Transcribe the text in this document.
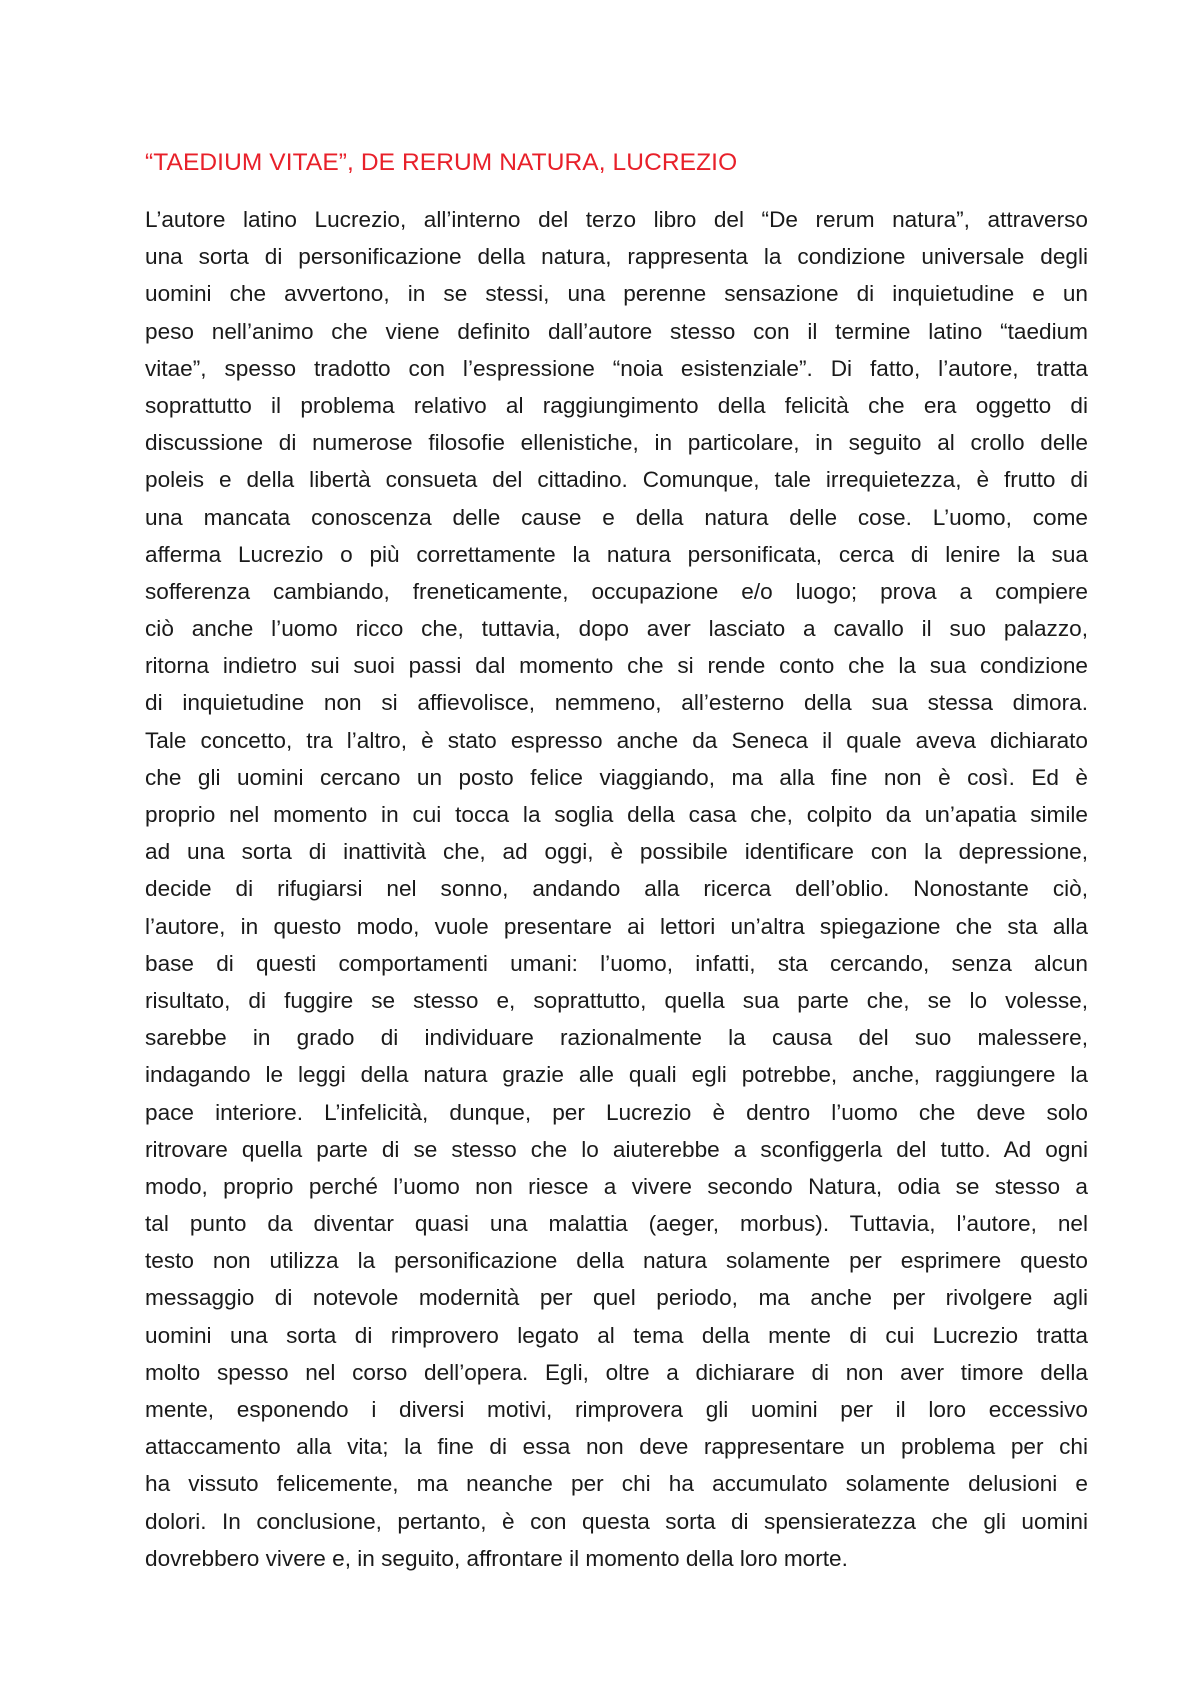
“TAEDIUM VITAE”, DE RERUM NATURA, LUCREZIO
L’autore latino Lucrezio, all’interno del terzo libro del “De rerum natura”, attraverso
una sorta di personificazione della natura, rappresenta la condizione universale degli
uomini che avvertono, in se stessi, una perenne sensazione di inquietudine e un
peso nell’animo che viene definito dall’autore stesso con il termine latino “taedium
vitae”, spesso tradotto con l’espressione “noia esistenziale”. Di fatto, l’autore, tratta
soprattutto il problema relativo al raggiungimento della felicità che era oggetto di
discussione di numerose filosofie ellenistiche, in particolare, in seguito al crollo delle
poleis e della libertà consueta del cittadino. Comunque, tale irrequietezza, è frutto di
una mancata conoscenza delle cause e della natura delle cose. L’uomo, come
afferma Lucrezio o più correttamente la natura personificata, cerca di lenire la sua
sofferenza cambiando, freneticamente, occupazione e/o luogo; prova a compiere
ciò anche l’uomo ricco che, tuttavia, dopo aver lasciato a cavallo il suo palazzo,
ritorna indietro sui suoi passi dal momento che si rende conto che la sua condizione
di inquietudine non si affievolisce, nemmeno, all’esterno della sua stessa dimora.
Tale concetto, tra l’altro, è stato espresso anche da Seneca il quale aveva dichiarato
che gli uomini cercano un posto felice viaggiando, ma alla fine non è così. Ed è
proprio nel momento in cui tocca la soglia della casa che, colpito da un’apatia simile
ad una sorta di inattività che, ad oggi, è possibile identificare con la depressione,
decide di rifugiarsi nel sonno, andando alla ricerca dell’oblio. Nonostante ciò,
l’autore, in questo modo, vuole presentare ai lettori un’altra spiegazione che sta alla
base di questi comportamenti umani: l’uomo, infatti, sta cercando, senza alcun
risultato, di fuggire se stesso e, soprattutto, quella sua parte che, se lo volesse,
sarebbe in grado di individuare razionalmente la causa del suo malessere,
indagando le leggi della natura grazie alle quali egli potrebbe, anche, raggiungere la
pace interiore. L’infelicità, dunque, per Lucrezio è dentro l’uomo che deve solo
ritrovare quella parte di se stesso che lo aiuterebbe a sconfiggerla del tutto. Ad ogni
modo, proprio perché l’uomo non riesce a vivere secondo Natura, odia se stesso a
tal punto da diventar quasi una malattia (aeger, morbus). Tuttavia, l’autore, nel
testo non utilizza la personificazione della natura solamente per esprimere questo
messaggio di notevole modernità per quel periodo, ma anche per rivolgere agli
uomini una sorta di rimprovero legato al tema della mente di cui Lucrezio tratta
molto spesso nel corso dell’opera. Egli, oltre a dichiarare di non aver timore della
mente, esponendo i diversi motivi, rimprovera gli uomini per il loro eccessivo
attaccamento alla vita; la fine di essa non deve rappresentare un problema per chi
ha vissuto felicemente, ma neanche per chi ha accumulato solamente delusioni e
dolori. In conclusione, pertanto, è con questa sorta di spensieratezza che gli uomini
dovrebbero vivere e, in seguito, affrontare il momento della loro morte.
